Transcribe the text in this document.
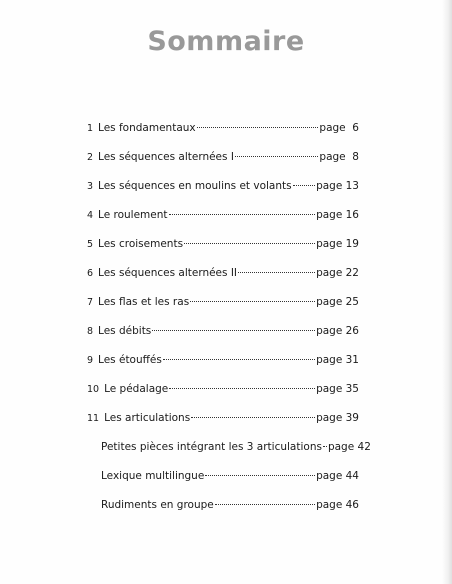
Sommaire
1 Les fondamentaux	page  6
2 Les séquences alternées I	page  8
3 Les séquences en moulins et volants page 13
4 Le roulement	page 16
5 Les croisements	page 19
6 Les séquences alternées II	page 22
7 Les flas et les ras	page 25
8 Les débits	page 26
9 Les étouffés	page 31
10 Le pédalage	page 35
11 Les articulations	page 39
Petites pièces intégrant les 3 articulations page 42
Lexique multilingue	page 44
Rudiments en groupe	page 46
